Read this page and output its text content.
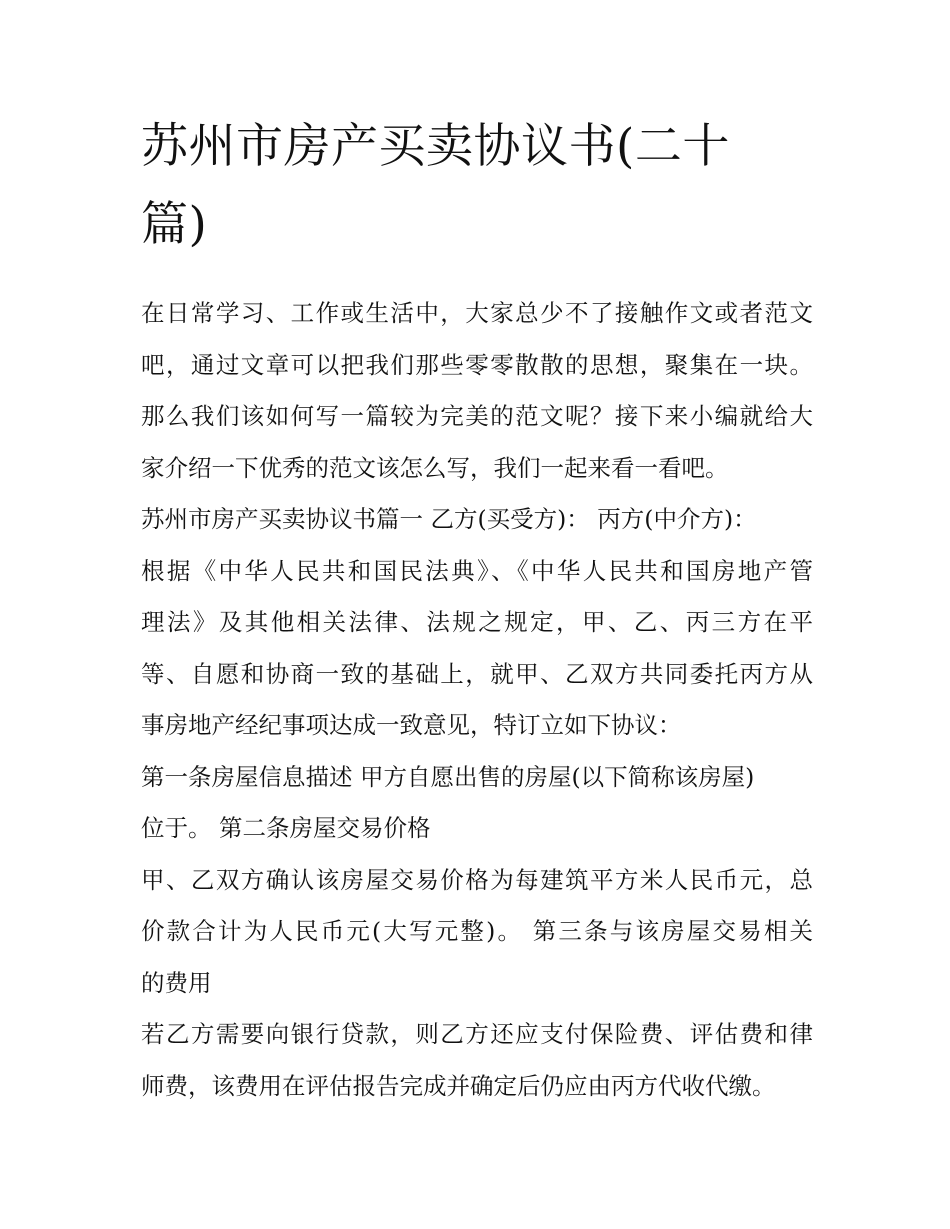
苏州市房产买卖协议书(二十
篇)

在日常学习、工作或生活中，大家总少不了接触作文或者范文
吧，通过文章可以把我们那些零零散散的思想，聚集在一块。
那么我们该如何写一篇较为完美的范文呢？接下来小编就给大
家介绍一下优秀的范文该怎么写，我们一起来看一看吧。

苏州市房产买卖协议书篇一 乙方(买受方)： 丙方(中介方)：
根据《中华人民共和国民法典》、《中华人民共和国房地产管
理法》及其他相关法律、法规之规定，甲、乙、丙三方在平
等、自愿和协商一致的基础上，就甲、乙双方共同委托丙方从
事房地产经纪事项达成一致意见，特订立如下协议：

第一条房屋信息描述 甲方自愿出售的房屋(以下简称该房屋)
位于。 第二条房屋交易价格

甲、乙双方确认该房屋交易价格为每建筑平方米人民币元，总
价款合计为人民币元(大写元整)。 第三条与该房屋交易相关
的费用

若乙方需要向银行贷款，则乙方还应支付保险费、评估费和律
师费，该费用在评估报告完成并确定后仍应由丙方代收代缴。
